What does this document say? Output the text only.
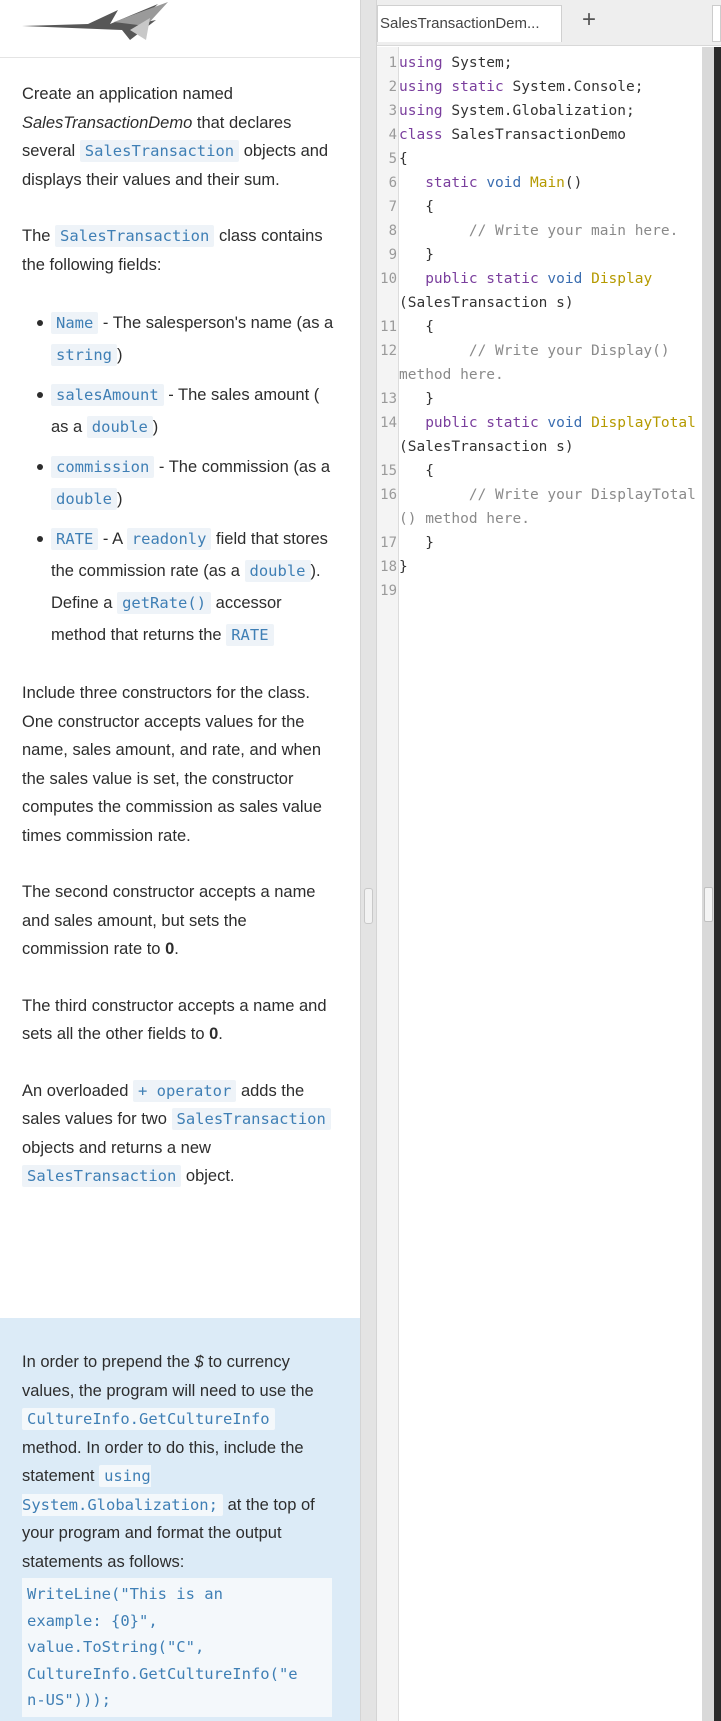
Create an application named
SalesTransactionDemo that declares several SalesTransaction objects and displays their values and their sum.

The SalesTransaction class contains the following fields:

Name - The salesperson's name (as a string )
salesAmount - The sales amount ( as a double )
commission - The commission (as a double )
RATE - A readonly field that stores the commission rate (as a double ). Define a getRate() accessor method that returns the RATE

Include three constructors for the class. One constructor accepts values for the name, sales amount, and rate, and when the sales value is set, the constructor computes the commission as sales value times commission rate.

The second constructor accepts a name and sales amount, but sets the commission rate to 0.

The third constructor accepts a name and sets all the other fields to 0.

An overloaded + operator adds the sales values for two SalesTransaction objects and returns a new SalesTransaction object.

In order to prepend the $ to currency values, the program will need to use the CultureInfo.GetCultureInfo method. In order to do this, include the statement using System.Globalization; at the top of your program and format the output statements as follows:
WriteLine("This is an
example: {0}",
value.ToString("C",
CultureInfo.GetCultureInfo("e
n-US")));
SalesTransactionDem...	+
1 using System;
2 using static System.Console;
3 using System.Globalization;
4 class SalesTransactionDemo
5 {
6 static void Main()
7 {
8 // Write your main here.
9 }
10 public static void Display
(SalesTransaction s)
11 {
12 // Write your Display()
method here.
13 }
14 public static void DisplayTotal
(SalesTransaction s)
15 {
16 // Write your DisplayTotal
() method here.
17 }
18 }
19
